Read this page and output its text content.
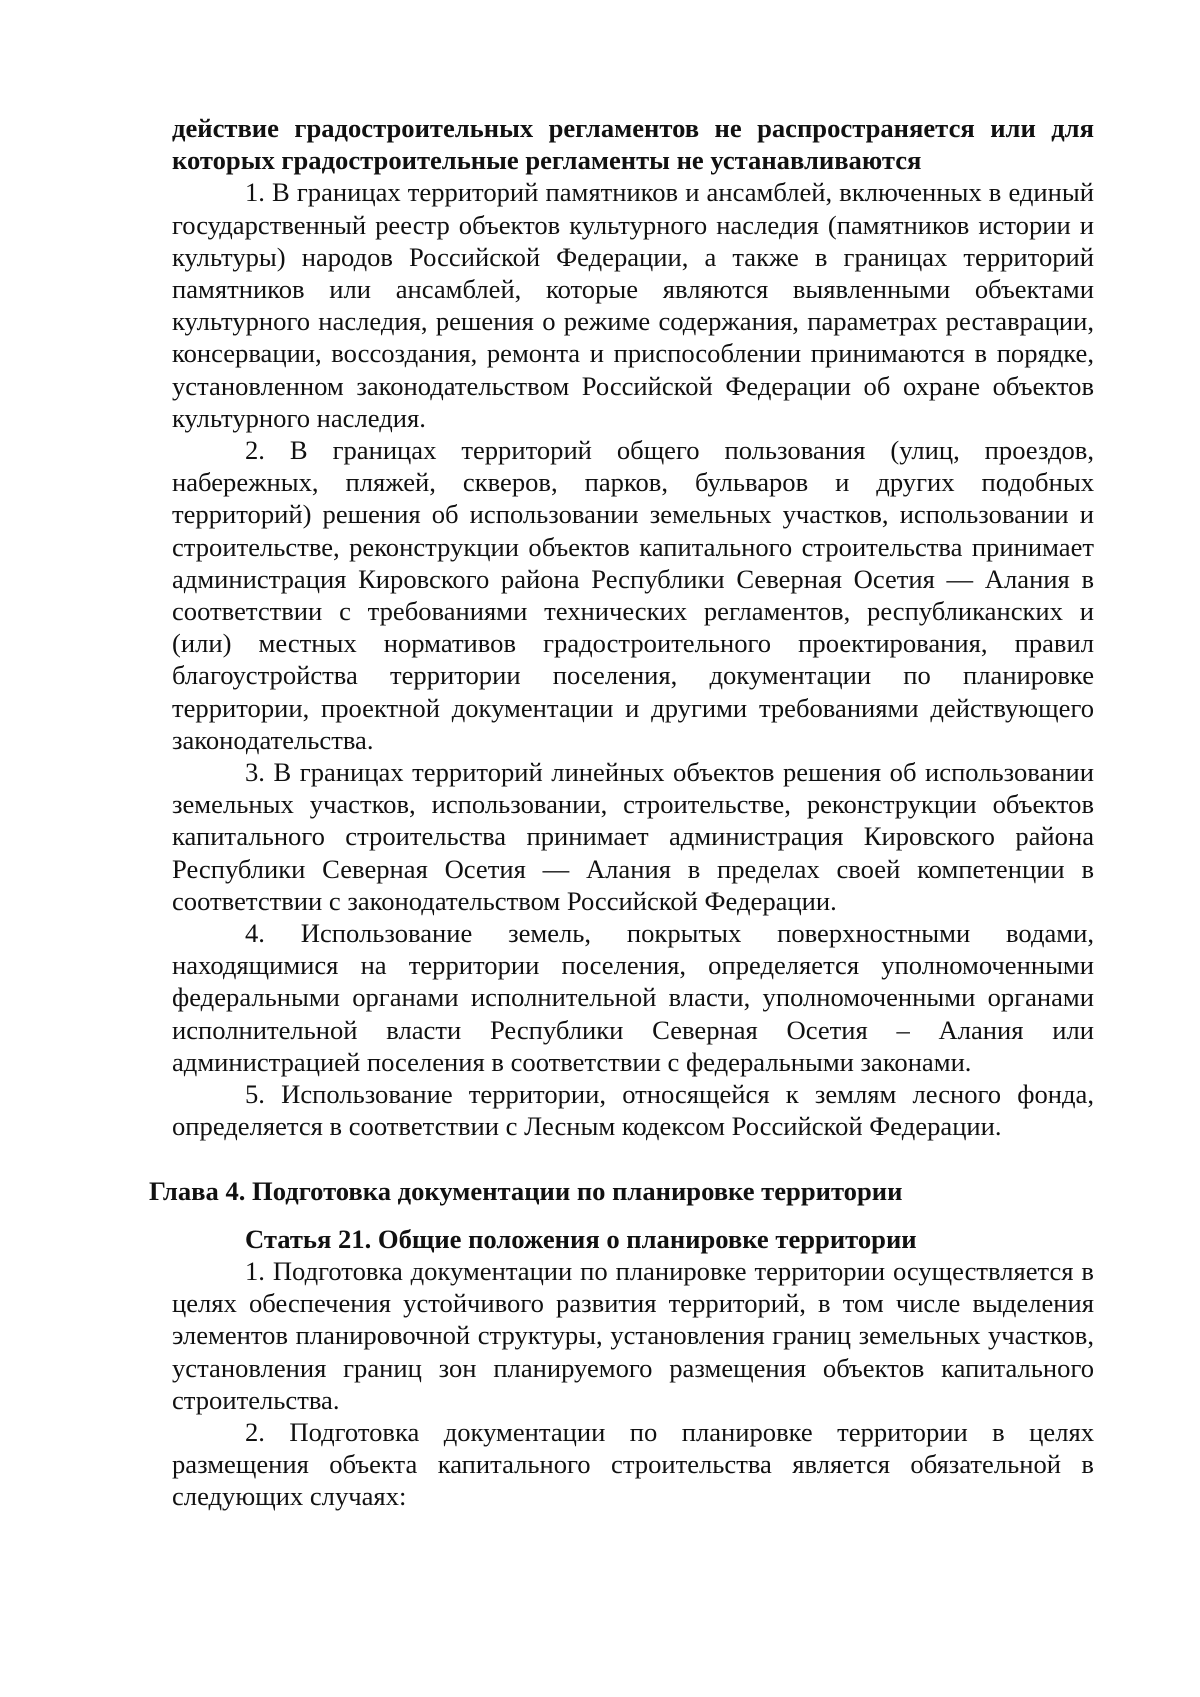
действие градостроительных регламентов не распространяется или для которых градостроительные регламенты не устанавливаются

1. В границах территорий памятников и ансамблей, включенных в единый государственный реестр объектов культурного наследия (памятников истории и культуры) народов Российской Федерации, а также в границах территорий памятников или ансамблей, которые являются выявленными объектами культурного наследия, решения о режиме содержания, параметрах реставрации, консервации, воссоздания, ремонта и приспособлении принимаются в порядке, установленном законодательством Российской Федерации об охране объектов культурного наследия.

2. В границах территорий общего пользования (улиц, проездов, набережных, пляжей, скверов, парков, бульваров и других подобных территорий) решения об использовании земельных участков, использовании и строительстве, реконструкции объектов капитального строительства принимает администрация Кировского района Республики Северная Осетия — Алания в соответствии с требованиями технических регламентов, республиканских и (или) местных нормативов градостроительного проектирования, правил благоустройства территории поселения, документации по планировке территории, проектной документации и другими требованиями действующего законодательства.

3. В границах территорий линейных объектов решения об использовании земельных участков, использовании, строительстве, реконструкции объектов капитального строительства принимает администрация Кировского района Республики Северная Осетия — Алания в пределах своей компетенции в соответствии с законодательством Российской Федерации.

4. Использование земель, покрытых поверхностными водами, находящимися на территории поселения, определяется уполномоченными федеральными органами исполнительной власти, уполномоченными органами исполнительной власти Республики Северная Осетия – Алания или администрацией поселения в соответствии с федеральными законами.

5. Использование территории, относящейся к землям лесного фонда, определяется в соответствии с Лесным кодексом Российской Федерации.

Глава 4. Подготовка документации по планировке территории

Статья 21. Общие положения о планировке территории

1. Подготовка документации по планировке территории осуществляется в целях обеспечения устойчивого развития территорий, в том числе выделения элементов планировочной структуры, установления границ земельных участков, установления границ зон планируемого размещения объектов капитального строительства.

2. Подготовка документации по планировке территории в целях размещения объекта капитального строительства является обязательной в следующих случаях:
